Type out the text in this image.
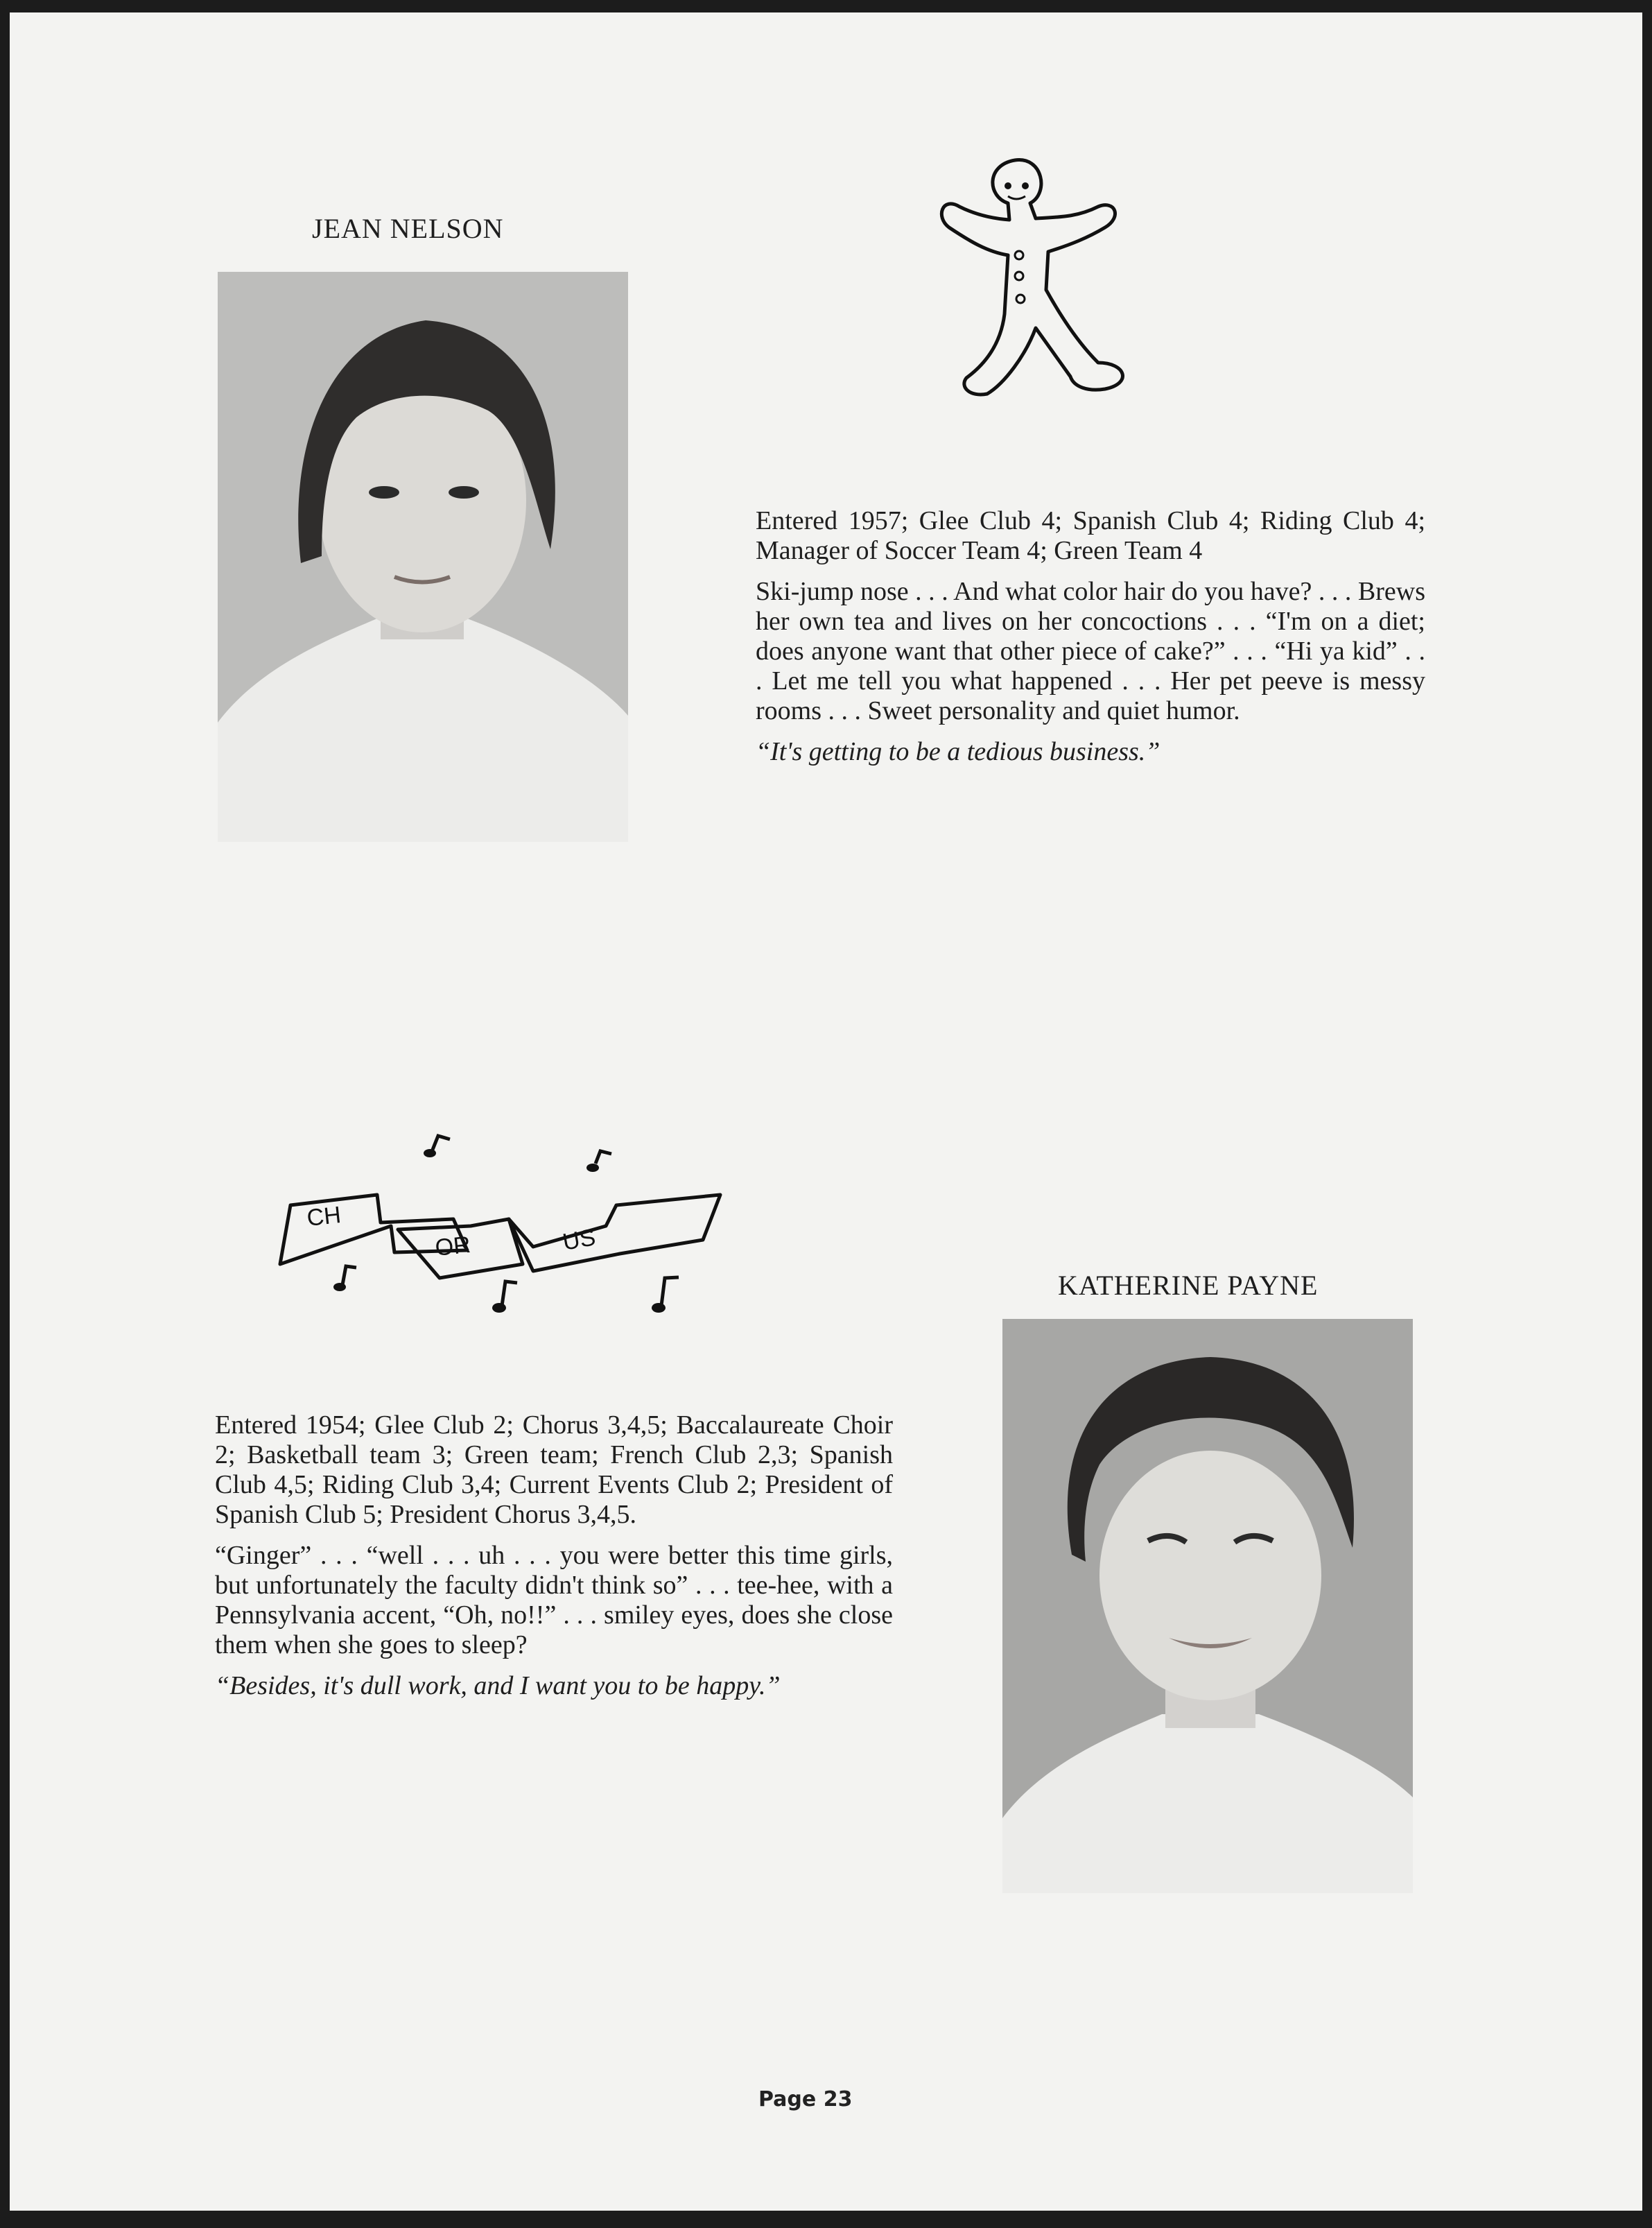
JEAN NELSON

Entered 1957; Glee Club 4; Spanish Club 4; Riding Club 4; Manager of Soccer Team 4; Green Team 4

Ski-jump nose . . . And what color hair do you have? . . . Brews her own tea and lives on her concoctions . . . “I'm on a diet; does anyone want that other piece of cake?” . . . “Hi ya kid” . . . Let me tell you what happened . . . Her pet peeve is messy rooms . . . Sweet personality and quiet humor.

“It's getting to be a tedious business.”

CH
OR	US
KATHERINE PAYNE

Entered 1954; Glee Club 2; Chorus 3,4,5; Baccalaureate Choir 2; Basketball team 3; Green team; French Club 2,3; Spanish Club 4,5; Riding Club 3,4; Current Events Club 2; President of Spanish Club 5; President Chorus 3,4,5.

“Ginger” . . . “well . . . uh . . . you were better this time girls, but unfortunately the faculty didn't think so” . . . tee-hee, with a Pennsylvania accent, “Oh, no!!” . . . smiley eyes, does she close them when she goes to sleep?

“Besides, it's dull work, and I want you to be happy.”

Page 23
